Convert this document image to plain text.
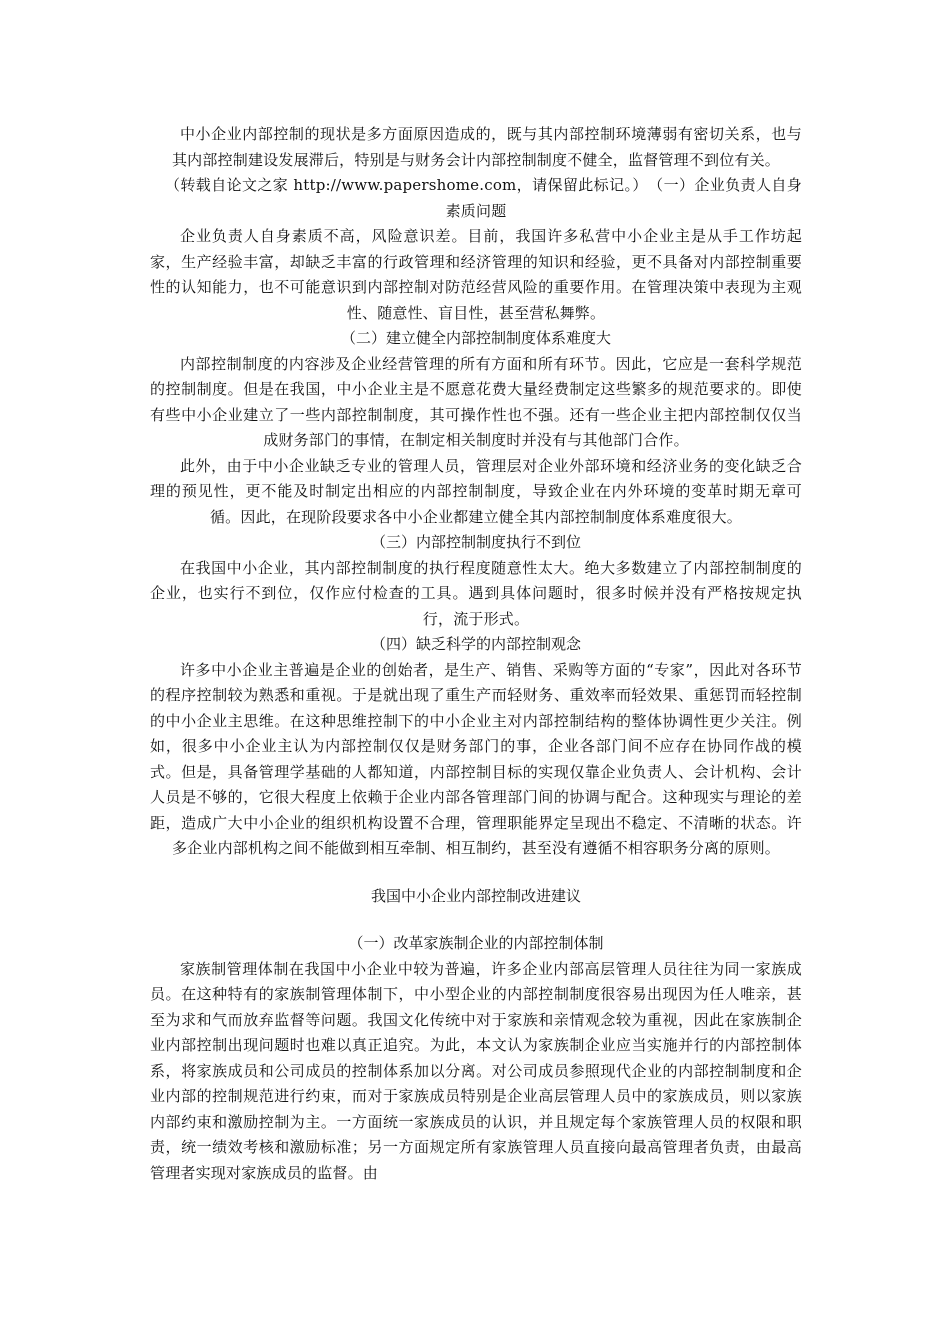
中小企业内部控制的现状是多方面原因造成的，既与其内部控制环境薄弱有密切关系，也与其内部控制建设发展滞后，特别是与财务会计内部控制制度不健全，监督管理不到位有关。

（转载自论文之家 http://www.papershome.com，请保留此标记。）　（一）企业负责人自身素质问题

企业负责人自身素质不高，风险意识差。目前，我国许多私营中小企业主是从手工作坊起家，生产经验丰富，却缺乏丰富的行政管理和经济管理的知识和经验，更不具备对内部控制重要性的认知能力，也不可能意识到内部控制对防范经营风险的重要作用。在管理决策中表现为主观性、随意性、盲目性，甚至营私舞弊。

（二）建立健全内部控制制度体系难度大

内部控制制度的内容涉及企业经营管理的所有方面和所有环节。因此，它应是一套科学规范的控制制度。但是在我国，中小企业主是不愿意花费大量经费制定这些繁多的规范要求的。即使有些中小企业建立了一些内部控制制度，其可操作性也不强。还有一些企业主把内部控制仅仅当成财务部门的事情，在制定相关制度时并没有与其他部门合作。

此外，由于中小企业缺乏专业的管理人员，管理层对企业外部环境和经济业务的变化缺乏合理的预见性，更不能及时制定出相应的内部控制制度，导致企业在内外环境的变革时期无章可循。因此，在现阶段要求各中小企业都建立健全其内部控制制度体系难度很大。

（三）内部控制制度执行不到位

在我国中小企业，其内部控制制度的执行程度随意性太大。绝大多数建立了内部控制制度的企业，也实行不到位，仅作应付检查的工具。遇到具体问题时，很多时候并没有严格按规定执行，流于形式。

（四）缺乏科学的内部控制观念

许多中小企业主普遍是企业的创始者，是生产、销售、采购等方面的“专家”，因此对各环节的程序控制较为熟悉和重视。于是就出现了重生产而轻财务、重效率而轻效果、重惩罚而轻控制的中小企业主思维。在这种思维控制下的中小企业主对内部控制结构的整体协调性更少关注。例如，很多中小企业主认为内部控制仅仅是财务部门的事，企业各部门间不应存在协同作战的模式。但是，具备管理学基础的人都知道，内部控制目标的实现仅靠企业负责人、会计机构、会计人员是不够的，它很大程度上依赖于企业内部各管理部门间的协调与配合。这种现实与理论的差距，造成广大中小企业的组织机构设置不合理，管理职能界定呈现出不稳定、不清晰的状态。许多企业内部机构之间不能做到相互牵制、相互制约，甚至没有遵循不相容职务分离的原则。

我国中小企业内部控制改进建议

（一）改革家族制企业的内部控制体制

家族制管理体制在我国中小企业中较为普遍，许多企业内部高层管理人员往往为同一家族成员。在这种特有的家族制管理体制下，中小型企业的内部控制制度很容易出现因为任人唯亲，甚至为求和气而放弃监督等问题。我国文化传统中对于家族和亲情观念较为重视，因此在家族制企业内部控制出现问题时也难以真正追究。为此，本文认为家族制企业应当实施并行的内部控制体系，将家族成员和公司成员的控制体系加以分离。对公司成员参照现代企业的内部控制制度和企业内部的控制规范进行约束，而对于家族成员特别是企业高层管理人员中的家族成员，则以家族内部约束和激励控制为主。一方面统一家族成员的认识，并且规定每个家族管理人员的权限和职责，统一绩效考核和激励标准；另一方面规定所有家族管理人员直接向最高管理者负责，由最高管理者实现对家族成员的监督。由
